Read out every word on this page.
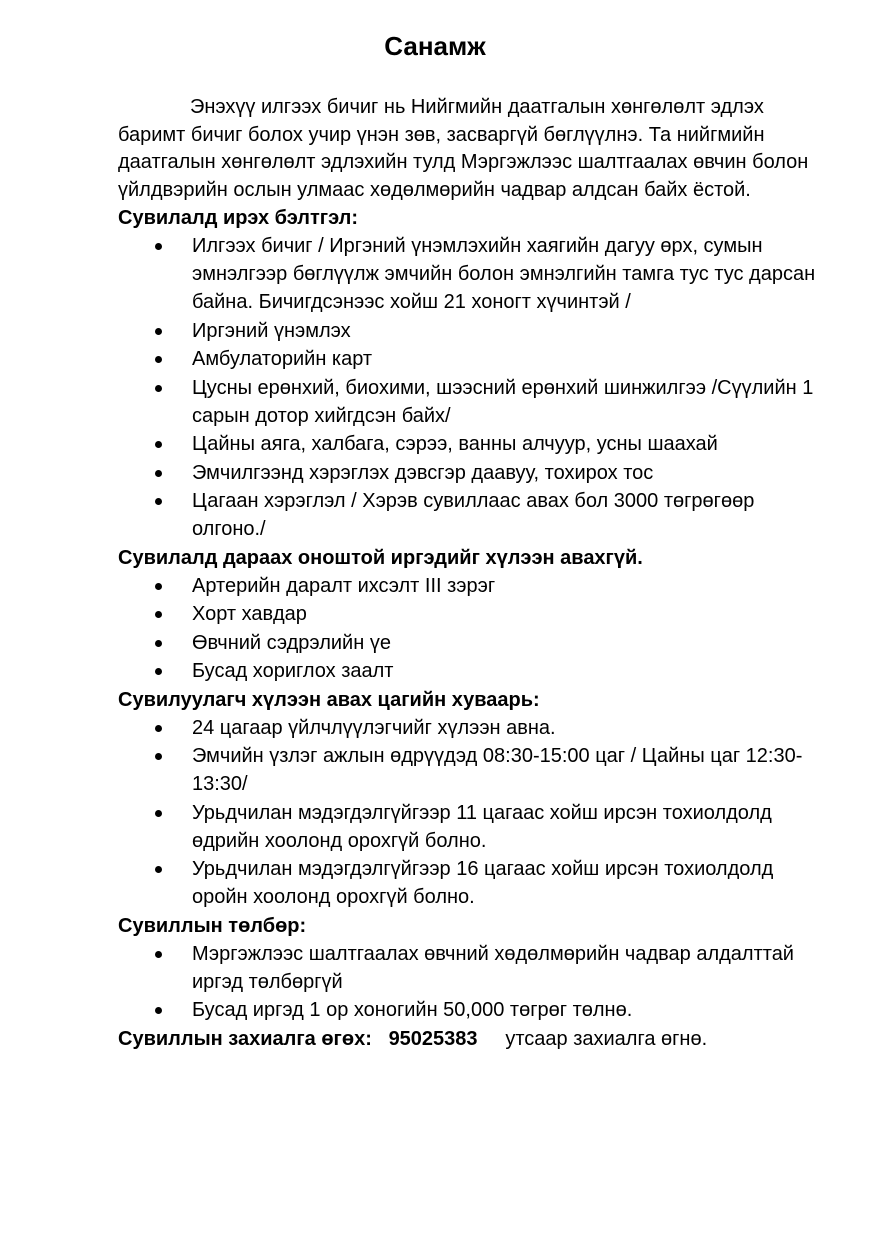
Санамж

Энэхүү илгээх бичиг нь Нийгмийн даатгалын хөнгөлөлт эдлэх баримт бичиг болох учир үнэн зөв, засваргүй бөглүүлнэ. Та нийгмийн даатгалын хөнгөлөлт эдлэхийн тулд Мэргэжлээс шалтгаалах өвчин болон үйлдвэрийн ослын улмаас хөдөлмөрийн чадвар алдсан байх ёстой.

Сувилалд ирэх бэлтгэл:

Илгээх бичиг / Иргэний үнэмлэхийн хаягийн дагуу өрх, сумын эмнэлгээр бөглүүлж эмчийн болон эмнэлгийн тамга тус тус дарсан байна. Бичигдсэнээс хойш 21 хоногт хүчинтэй /
Иргэний үнэмлэх
Амбулаторийн карт
Цусны ерөнхий, биохими, шээсний ерөнхий шинжилгээ /Сүүлийн 1 сарын дотор хийгдсэн байх/
Цайны аяга, халбага, сэрээ, ванны алчуур, усны шаахай
Эмчилгээнд хэрэглэх дэвсгэр даавуу, тохирох тос
Цагаан хэрэглэл / Хэрэв сувиллаас авах бол 3000 төгрөгөөр олгоно./

Сувилалд дараах оноштой иргэдийг хүлээн авахгүй.

Артерийн даралт ихсэлт III зэрэг
Хорт хавдар
Өвчний сэдрэлийн үе
Бусад хориглох заалт

Сувилуулагч хүлээн авах цагийн хуваарь:

24 цагаар үйлчлүүлэгчийг хүлээн авна.
Эмчийн үзлэг ажлын өдрүүдэд 08:30-15:00 цаг / Цайны цаг 12:30-13:30/
Урьдчилан мэдэгдэлгүйгээр 11 цагаас хойш ирсэн тохиолдолд өдрийн хоолонд орохгүй болно.
Урьдчилан мэдэгдэлгүйгээр 16 цагаас хойш ирсэн тохиолдолд оройн хоолонд орохгүй болно.

Сувиллын төлбөр:

Мэргэжлээс шалтгаалах өвчний хөдөлмөрийн чадвар алдалттай иргэд төлбөргүй
Бусад иргэд 1 ор хоногийн 50,000 төгрөг төлнө.

Сувиллын захиалга өгөх: 95025383 утсаар захиалга өгнө.
